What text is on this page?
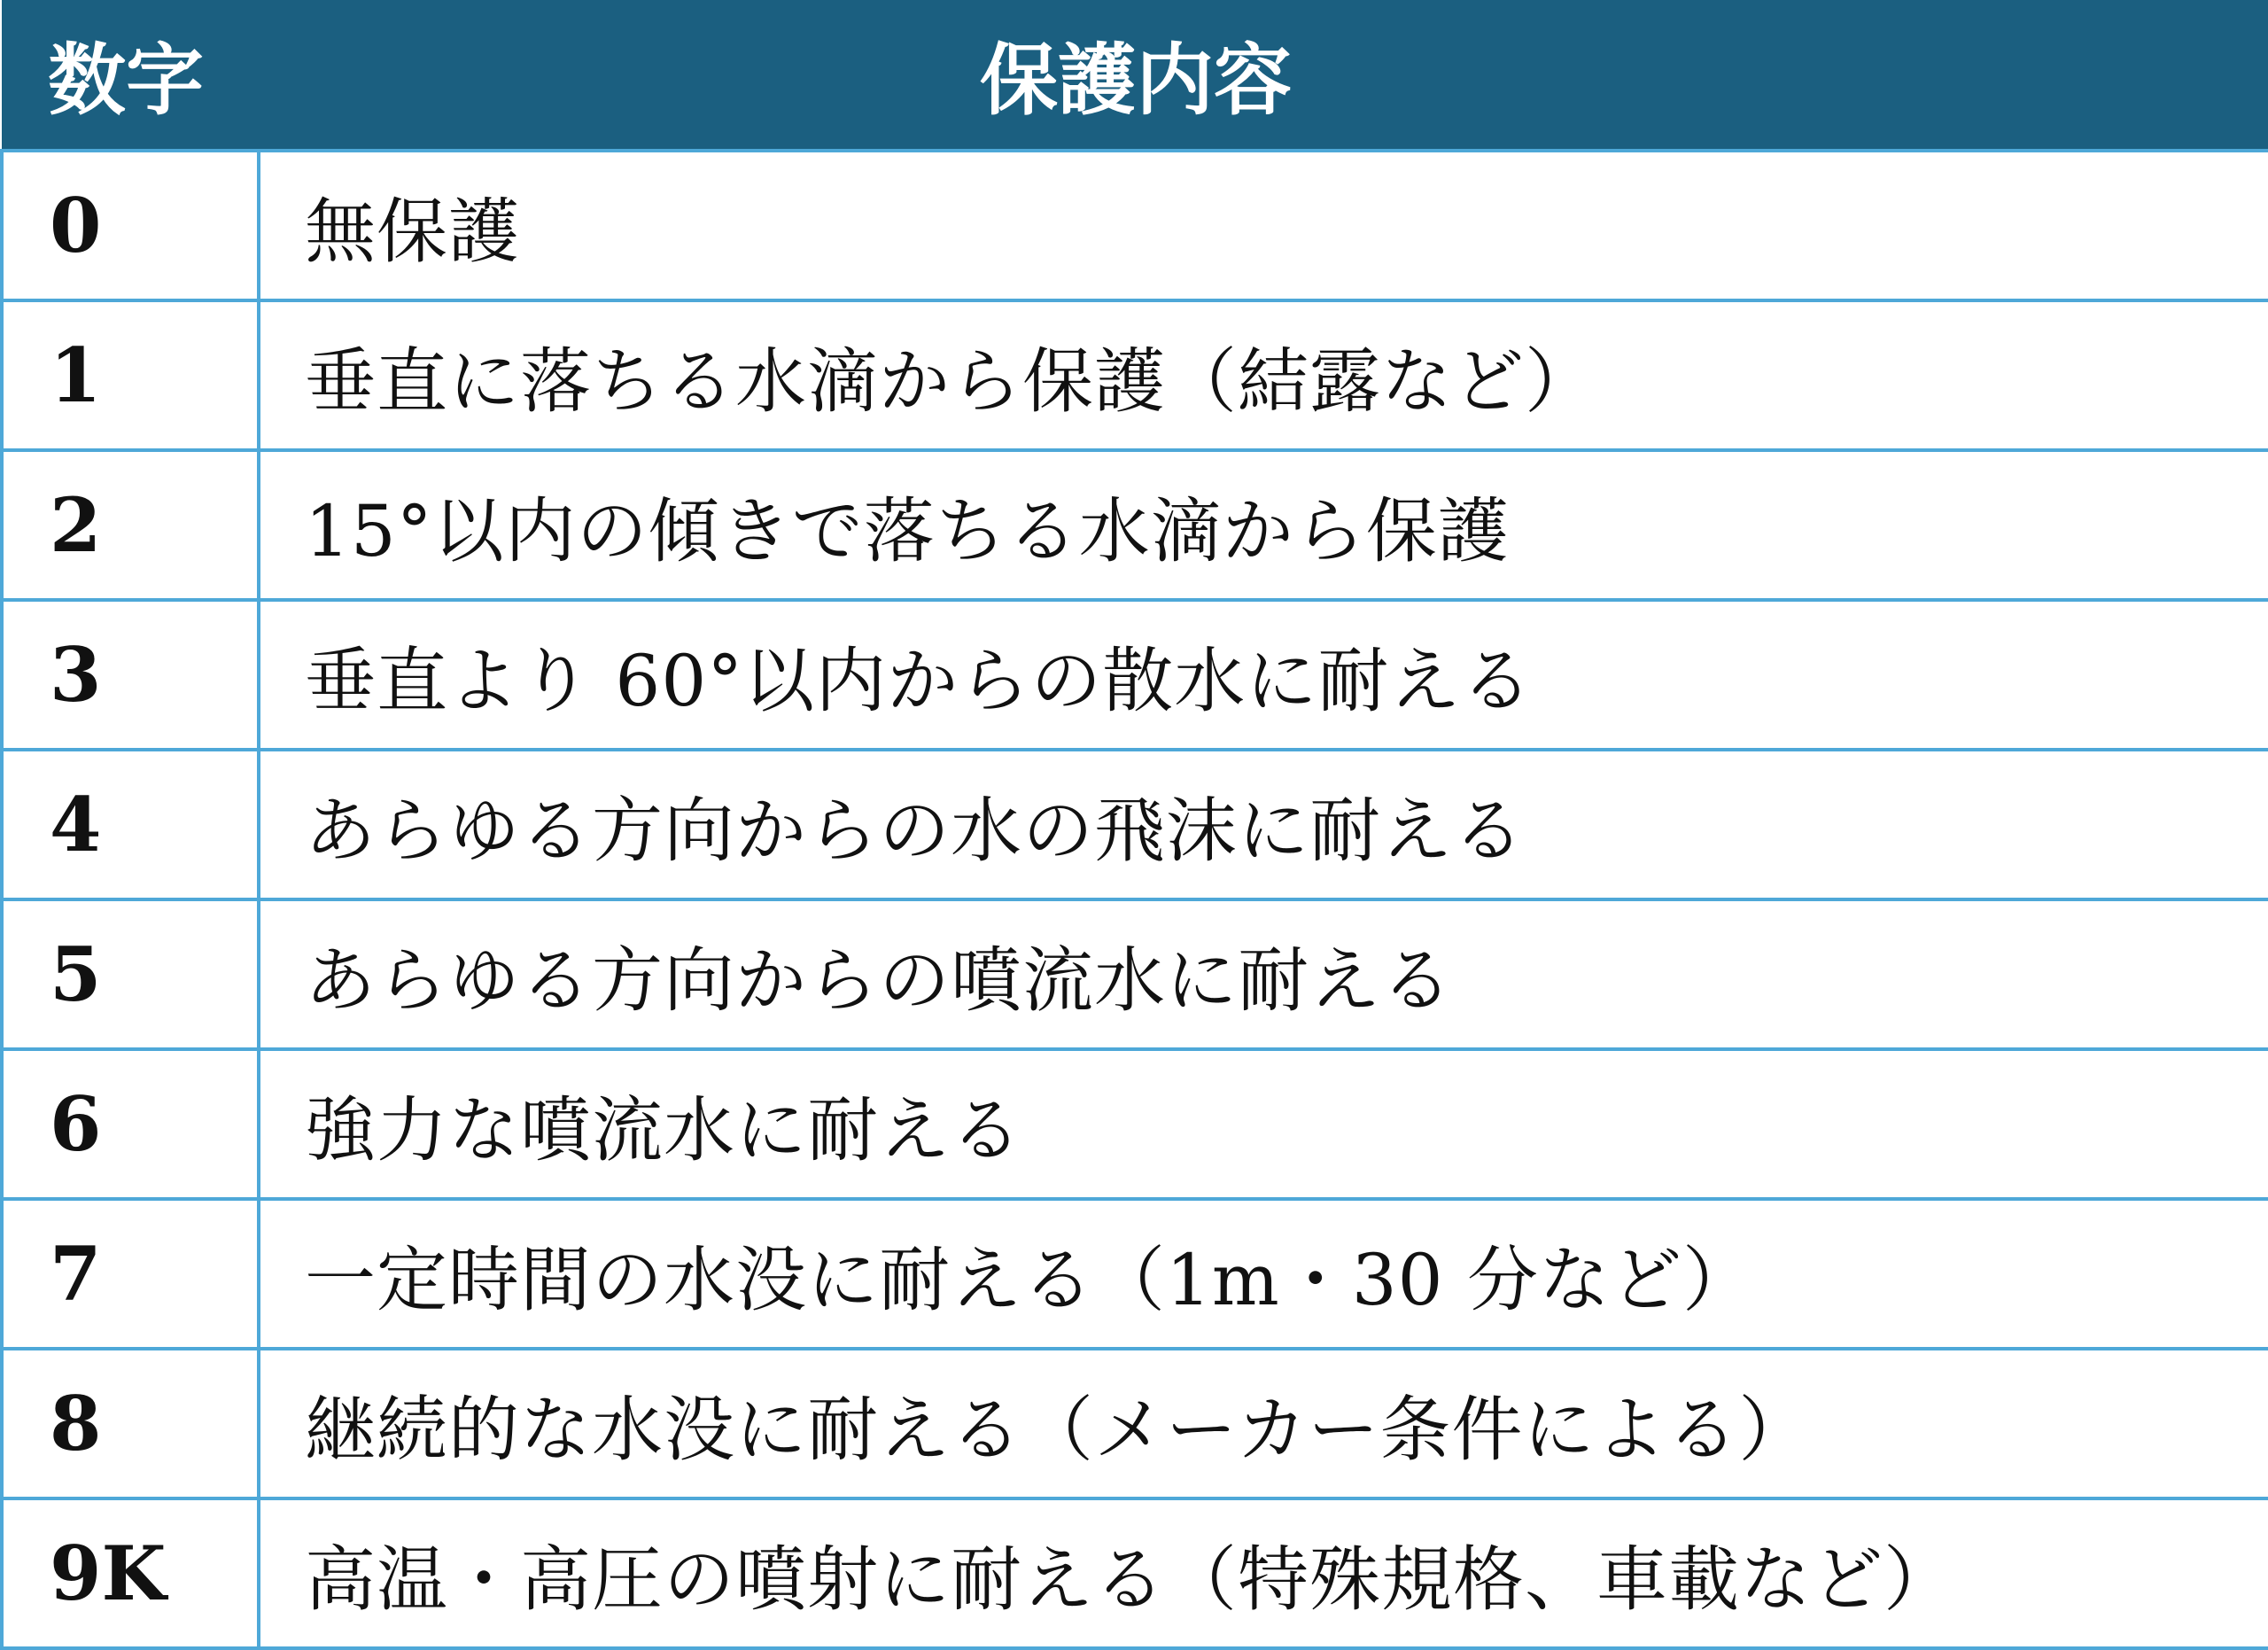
数字	保護内容
0	無保護
1	垂直に落ちる水滴から保護（結露など）
2	15°以内の傾きで落ちる水滴から保護
3	垂直より 60°以内からの散水に耐える
4	あらゆる方向からの水の飛沫に耐える
5	あらゆる方向からの噴流水に耐える
6	強力な噴流水に耐える
7	一定時間の水没に耐える（1m・30 分など）
8	継続的な水没に耐える（メーカー条件による）
9K	高温・高圧の噴射に耐える（特殊規格、車載など）
